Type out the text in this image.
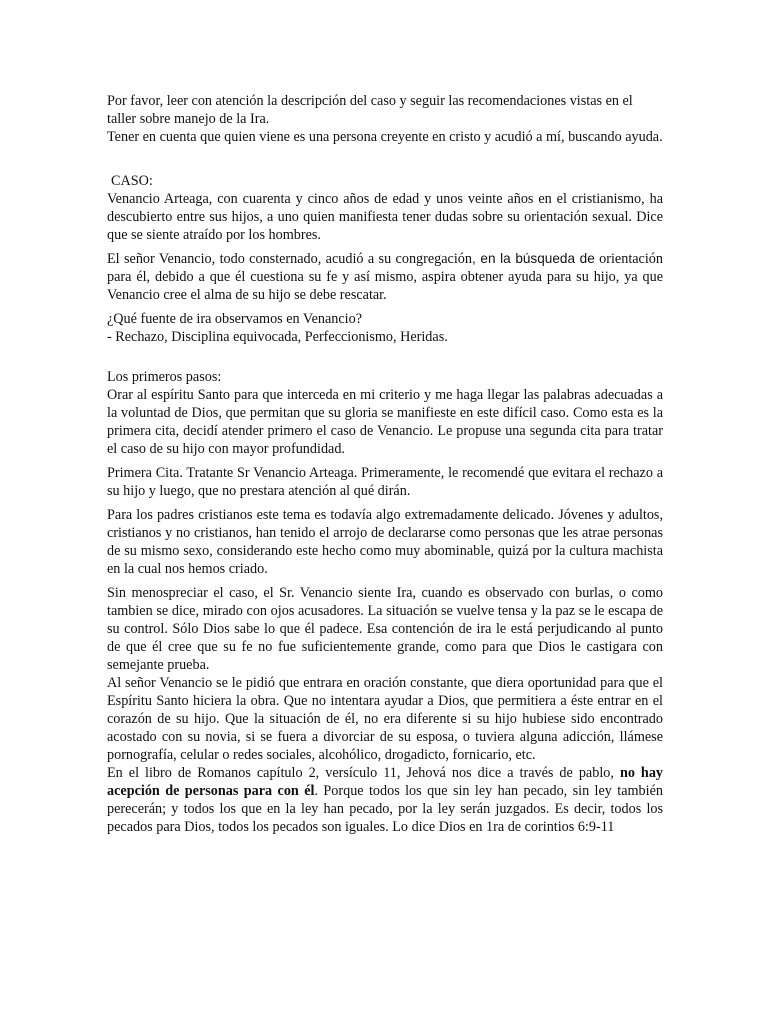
Por favor, leer con atención la descripción del caso y seguir las recomendaciones vistas en el taller sobre manejo de la Ira.

Tener en cuenta que quien viene es una persona creyente en cristo y acudió a mí, buscando ayuda.

CASO:

Venancio Arteaga, con cuarenta y cinco años de edad y unos veinte años en el cristianismo, ha descubierto entre sus hijos, a uno quien manifiesta tener dudas sobre su orientación sexual. Dice que se siente atraído por los hombres.

El señor Venancio, todo consternado, acudió a su congregación, en la búsqueda de orientación para él, debido a que él cuestiona su fe y así mismo, aspira obtener ayuda para su hijo, ya que Venancio cree el alma de su hijo se debe rescatar.

¿Qué fuente de ira observamos en Venancio?

- Rechazo, Disciplina equivocada, Perfeccionismo, Heridas.

Los primeros pasos:

Orar al espíritu Santo para que interceda en mi criterio y me haga llegar las palabras adecuadas a la voluntad de Dios, que permitan que su gloria se manifieste en este difícil caso. Como esta es la primera cita, decidí atender primero el caso de Venancio. Le propuse una segunda cita para tratar el caso de su hijo con mayor profundidad.

Primera Cita. Tratante Sr Venancio Arteaga. Primeramente, le recomendé que evitara el rechazo a su hijo y luego, que no prestara atención al qué dirán.

Para los padres cristianos este tema es todavía algo extremadamente delicado. Jóvenes y adultos, cristianos y no cristianos, han tenido el arrojo de declararse como personas que les atrae personas de su mismo sexo, considerando este hecho como muy abominable, quizá por la cultura machista en la cual nos hemos criado.

Sin menospreciar el caso, el Sr. Venancio siente Ira, cuando es observado con burlas, o como tambien se dice, mirado con ojos acusadores. La situación se vuelve tensa y la paz se le escapa de su control. Sólo Dios sabe lo que él padece. Esa contención de ira le está perjudicando al punto de que él cree que su fe no fue suficientemente grande, como para que Dios le castigara con semejante prueba.

Al señor Venancio se le pidió que entrara en oración constante, que diera oportunidad para que el Espíritu Santo hiciera la obra. Que no intentara ayudar a Dios, que permitiera a éste entrar en el corazón de su hijo. Que la situación de él, no era diferente si su hijo hubiese sido encontrado acostado con su novia, si se fuera a divorciar de su esposa, o tuviera alguna adicción, llámese pornografía, celular o redes sociales, alcohólico, drogadicto, fornicario, etc.

En el libro de Romanos capítulo 2, versículo 11, Jehová nos dice a través de pablo, no hay acepción de personas para con él. Porque todos los que sin ley han pecado, sin ley también perecerán; y todos los que en la ley han pecado, por la ley serán juzgados. Es decir, todos los pecados para Dios, todos los pecados son iguales. Lo dice Dios en 1ra de corintios 6:9-11
